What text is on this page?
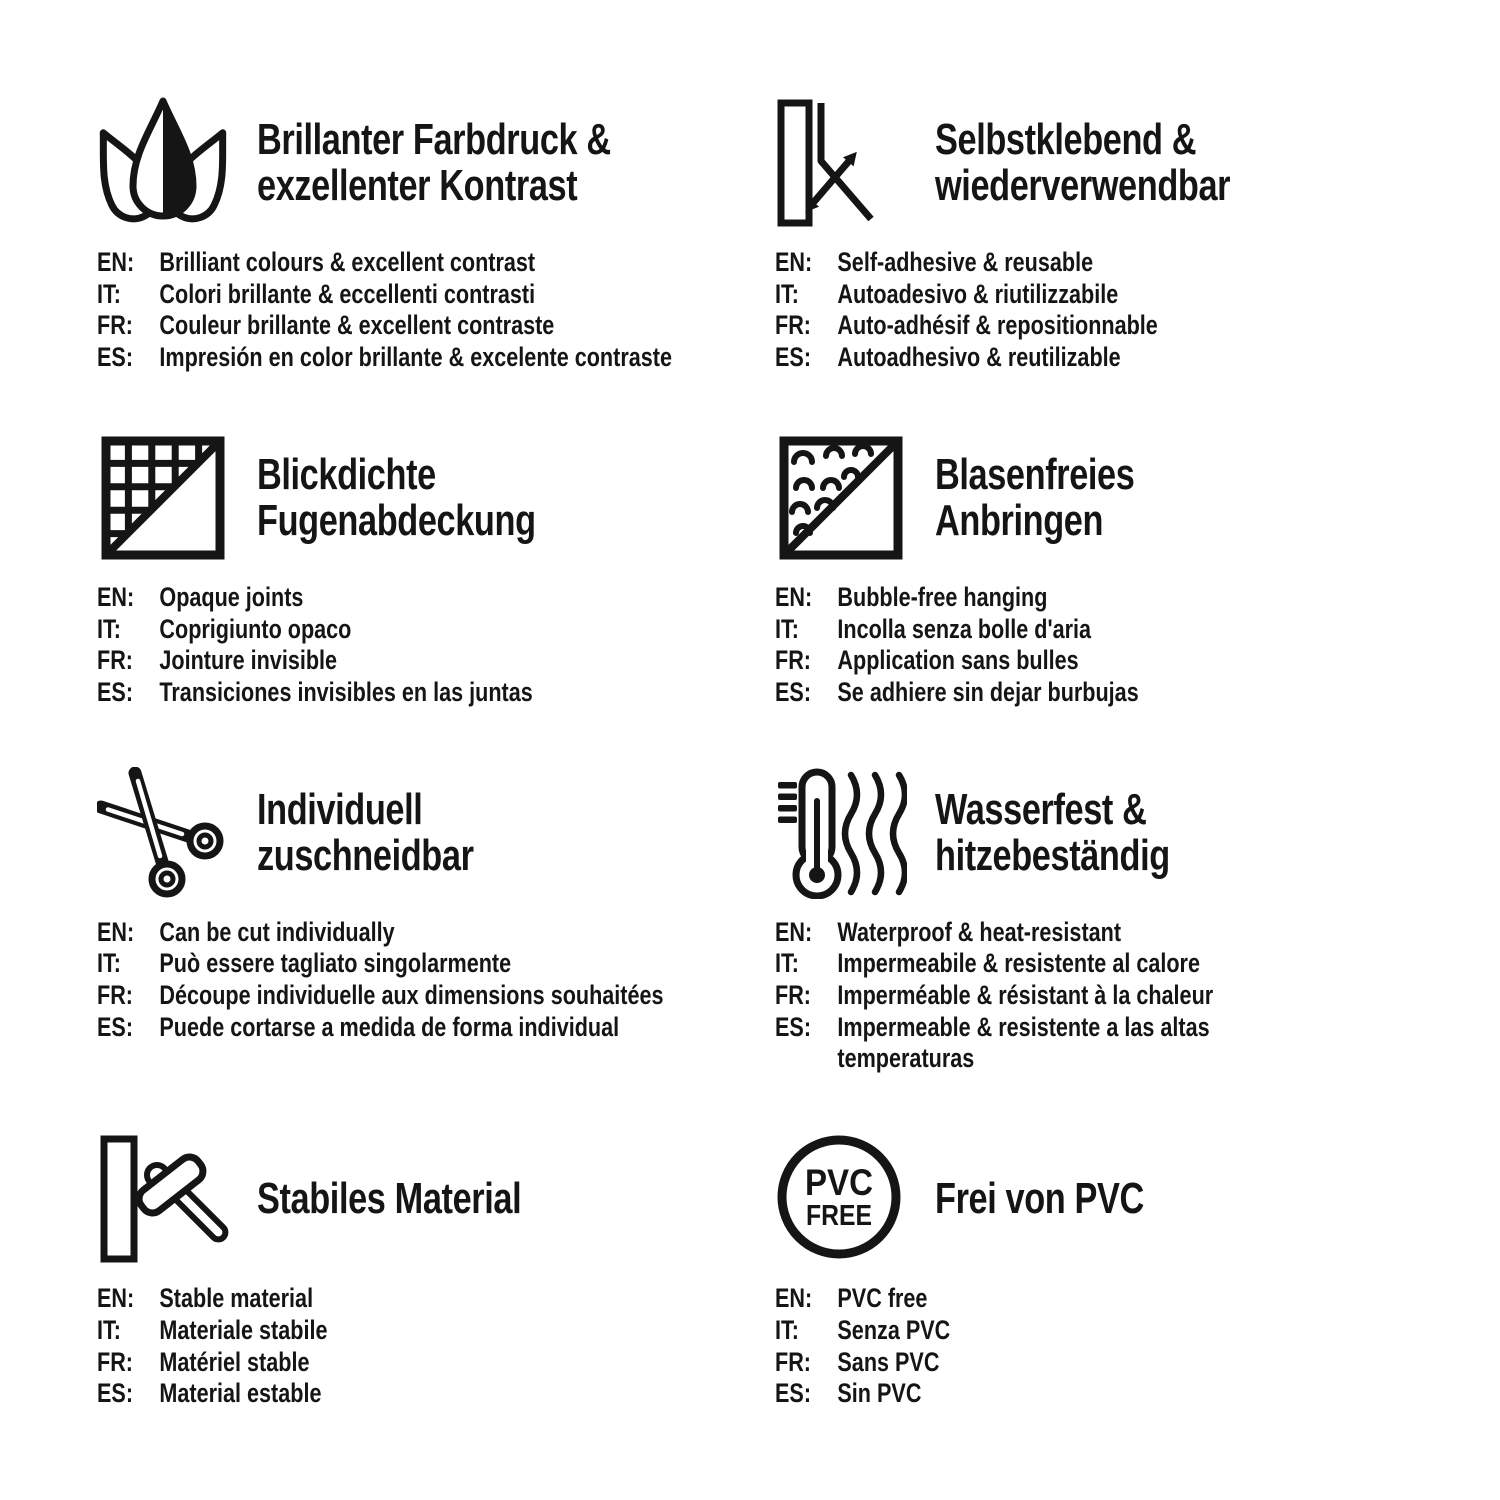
Brillanter Farbdruck &
exzellenter Kontrast
EN: Brilliant colours & excellent contrast
IT:	Colori brillante & eccellenti contrasti
FR: Couleur brillante & excellent contraste
ES: Impresión en color brillante & excelente contraste
Selbstklebend &
wiederverwendbar
EN: Self-adhesive & reusable
IT:	Autoadesivo & riutilizzabile
FR: Auto-adhésif & repositionnable
ES: Autoadhesivo & reutilizable
Blickdichte
Fugenabdeckung
EN: Opaque joints
IT:	Coprigiunto opaco
FR: Jointure invisible
ES: Transiciones invisibles en las juntas
Blasenfreies
Anbringen
EN: Bubble-free hanging
IT:	Incolla senza bolle d'aria
FR: Application sans bulles
ES: Se adhiere sin dejar burbujas
Individuell
zuschneidbar
EN: Can be cut individually
IT:	Può essere tagliato singolarmente
FR: Découpe individuelle aux dimensions souhaitées
ES: Puede cortarse a medida de forma individual
Wasserfest &
hitzebeständig
EN: Waterproof & heat-resistant
IT:	Impermeabile & resistente al calore
FR: Imperméable & résistant à la chaleur
ES: Impermeable & resistente a las altas
temperaturas
Stabiles Material
EN: Stable material
IT:	Materiale stabile
FR: Matériel stable
ES: Material estable
PVC
FREE Frei von PVC
EN: PVC free
IT:	Senza PVC
FR: Sans PVC
ES: Sin PVC
